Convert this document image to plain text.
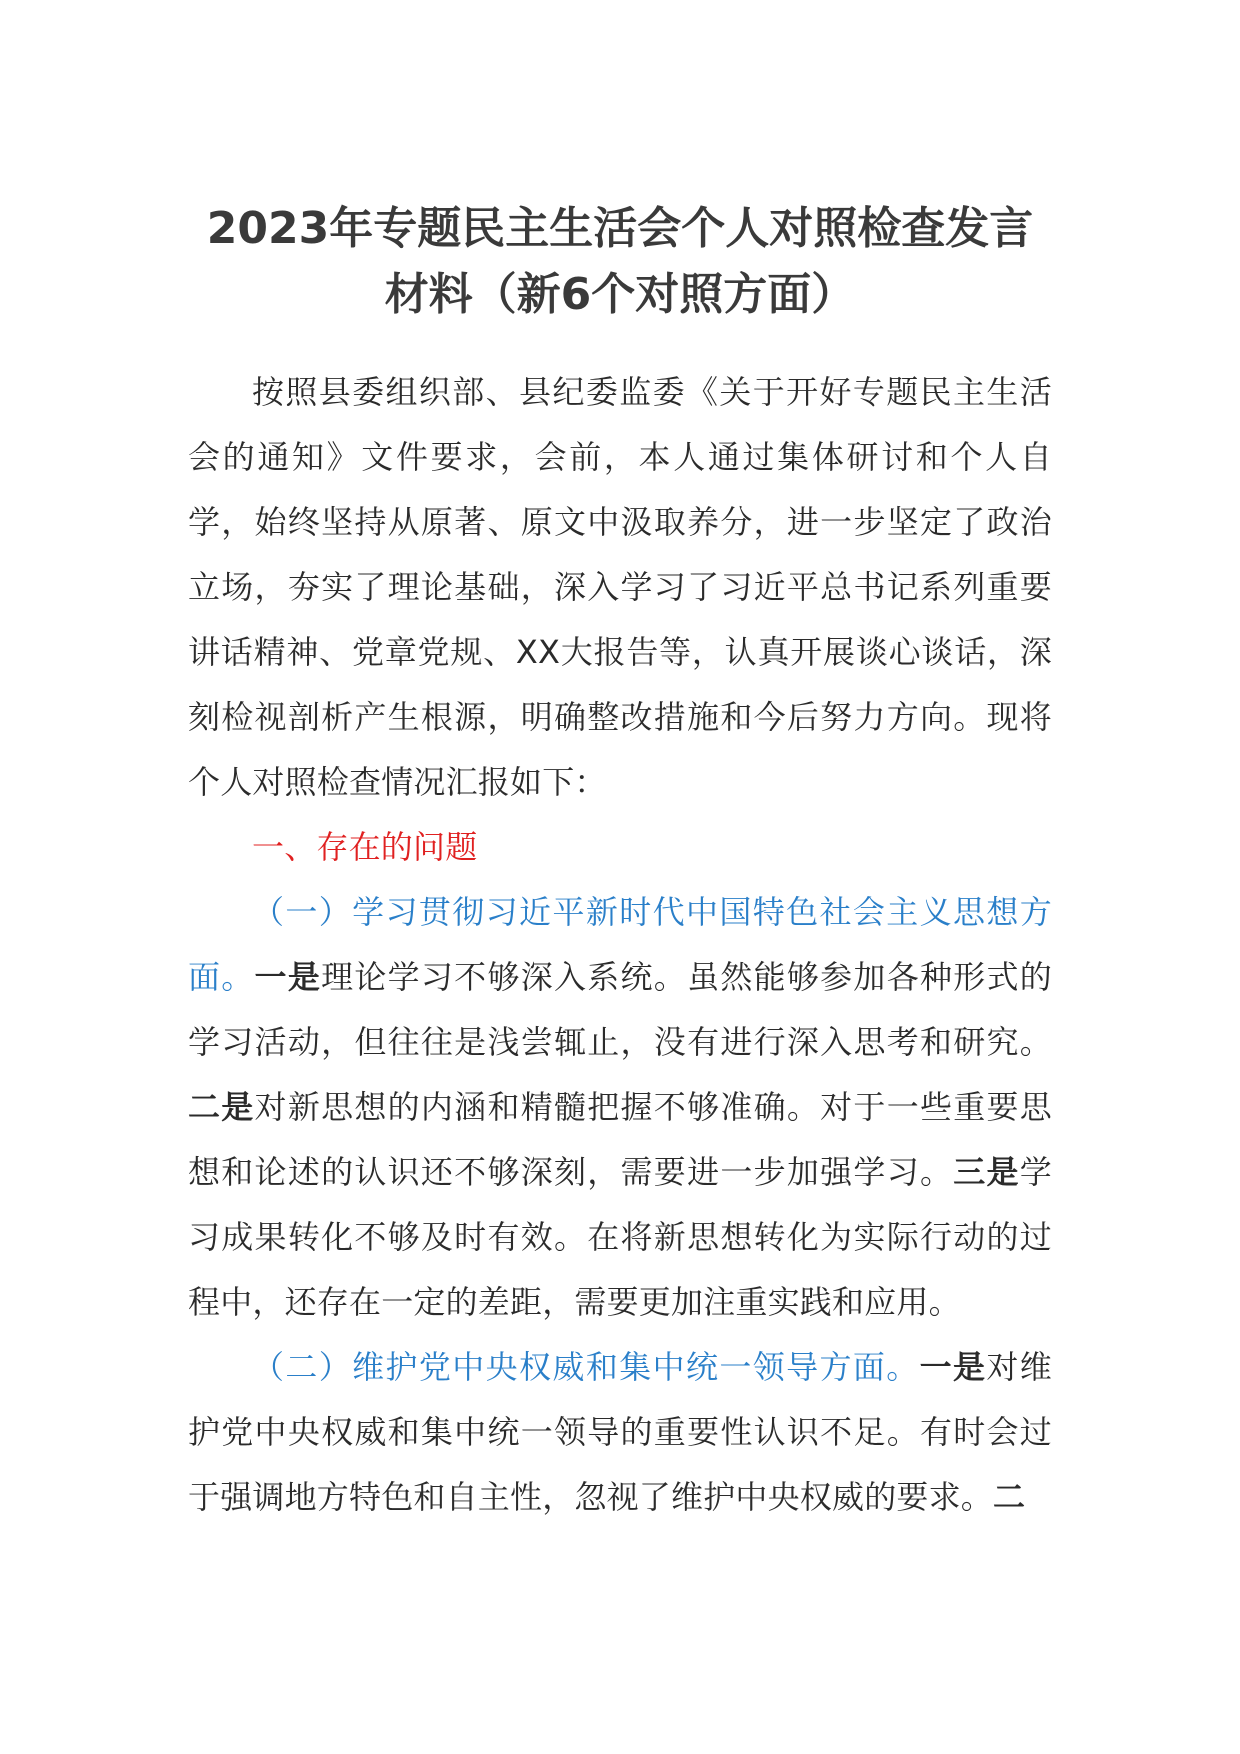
2023年专题民主生活会个人对照检查发言
材料（新6个对照方面）

按照县委组织部、县纪委监委《关于开好专题民主生活会的通知》文件要求，会前，本人通过集体研讨和个人自学，始终坚持从原著、原文中汲取养分，进一步坚定了政治立场，夯实了理论基础，深入学习了习近平总书记系列重要讲话精神、党章党规、XX大报告等，认真开展谈心谈话，深刻检视剖析产生根源，明确整改措施和今后努力方向。现将个人对照检查情况汇报如下：

一、存在的问题

（一）学习贯彻习近平新时代中国特色社会主义思想方面。一是理论学习不够深入系统。虽然能够参加各种形式的学习活动，但往往是浅尝辄止，没有进行深入思考和研究。二是对新思想的内涵和精髓把握不够准确。对于一些重要思想和论述的认识还不够深刻，需要进一步加强学习。三是学习成果转化不够及时有效。在将新思想转化为实际行动的过程中，还存在一定的差距，需要更加注重实践和应用。

（二）维护党中央权威和集中统一领导方面。一是对维护党中央权威和集中统一领导的重要性认识不足。有时会过于强调地方特色和自主性，忽视了维护中央权威的要求。二
